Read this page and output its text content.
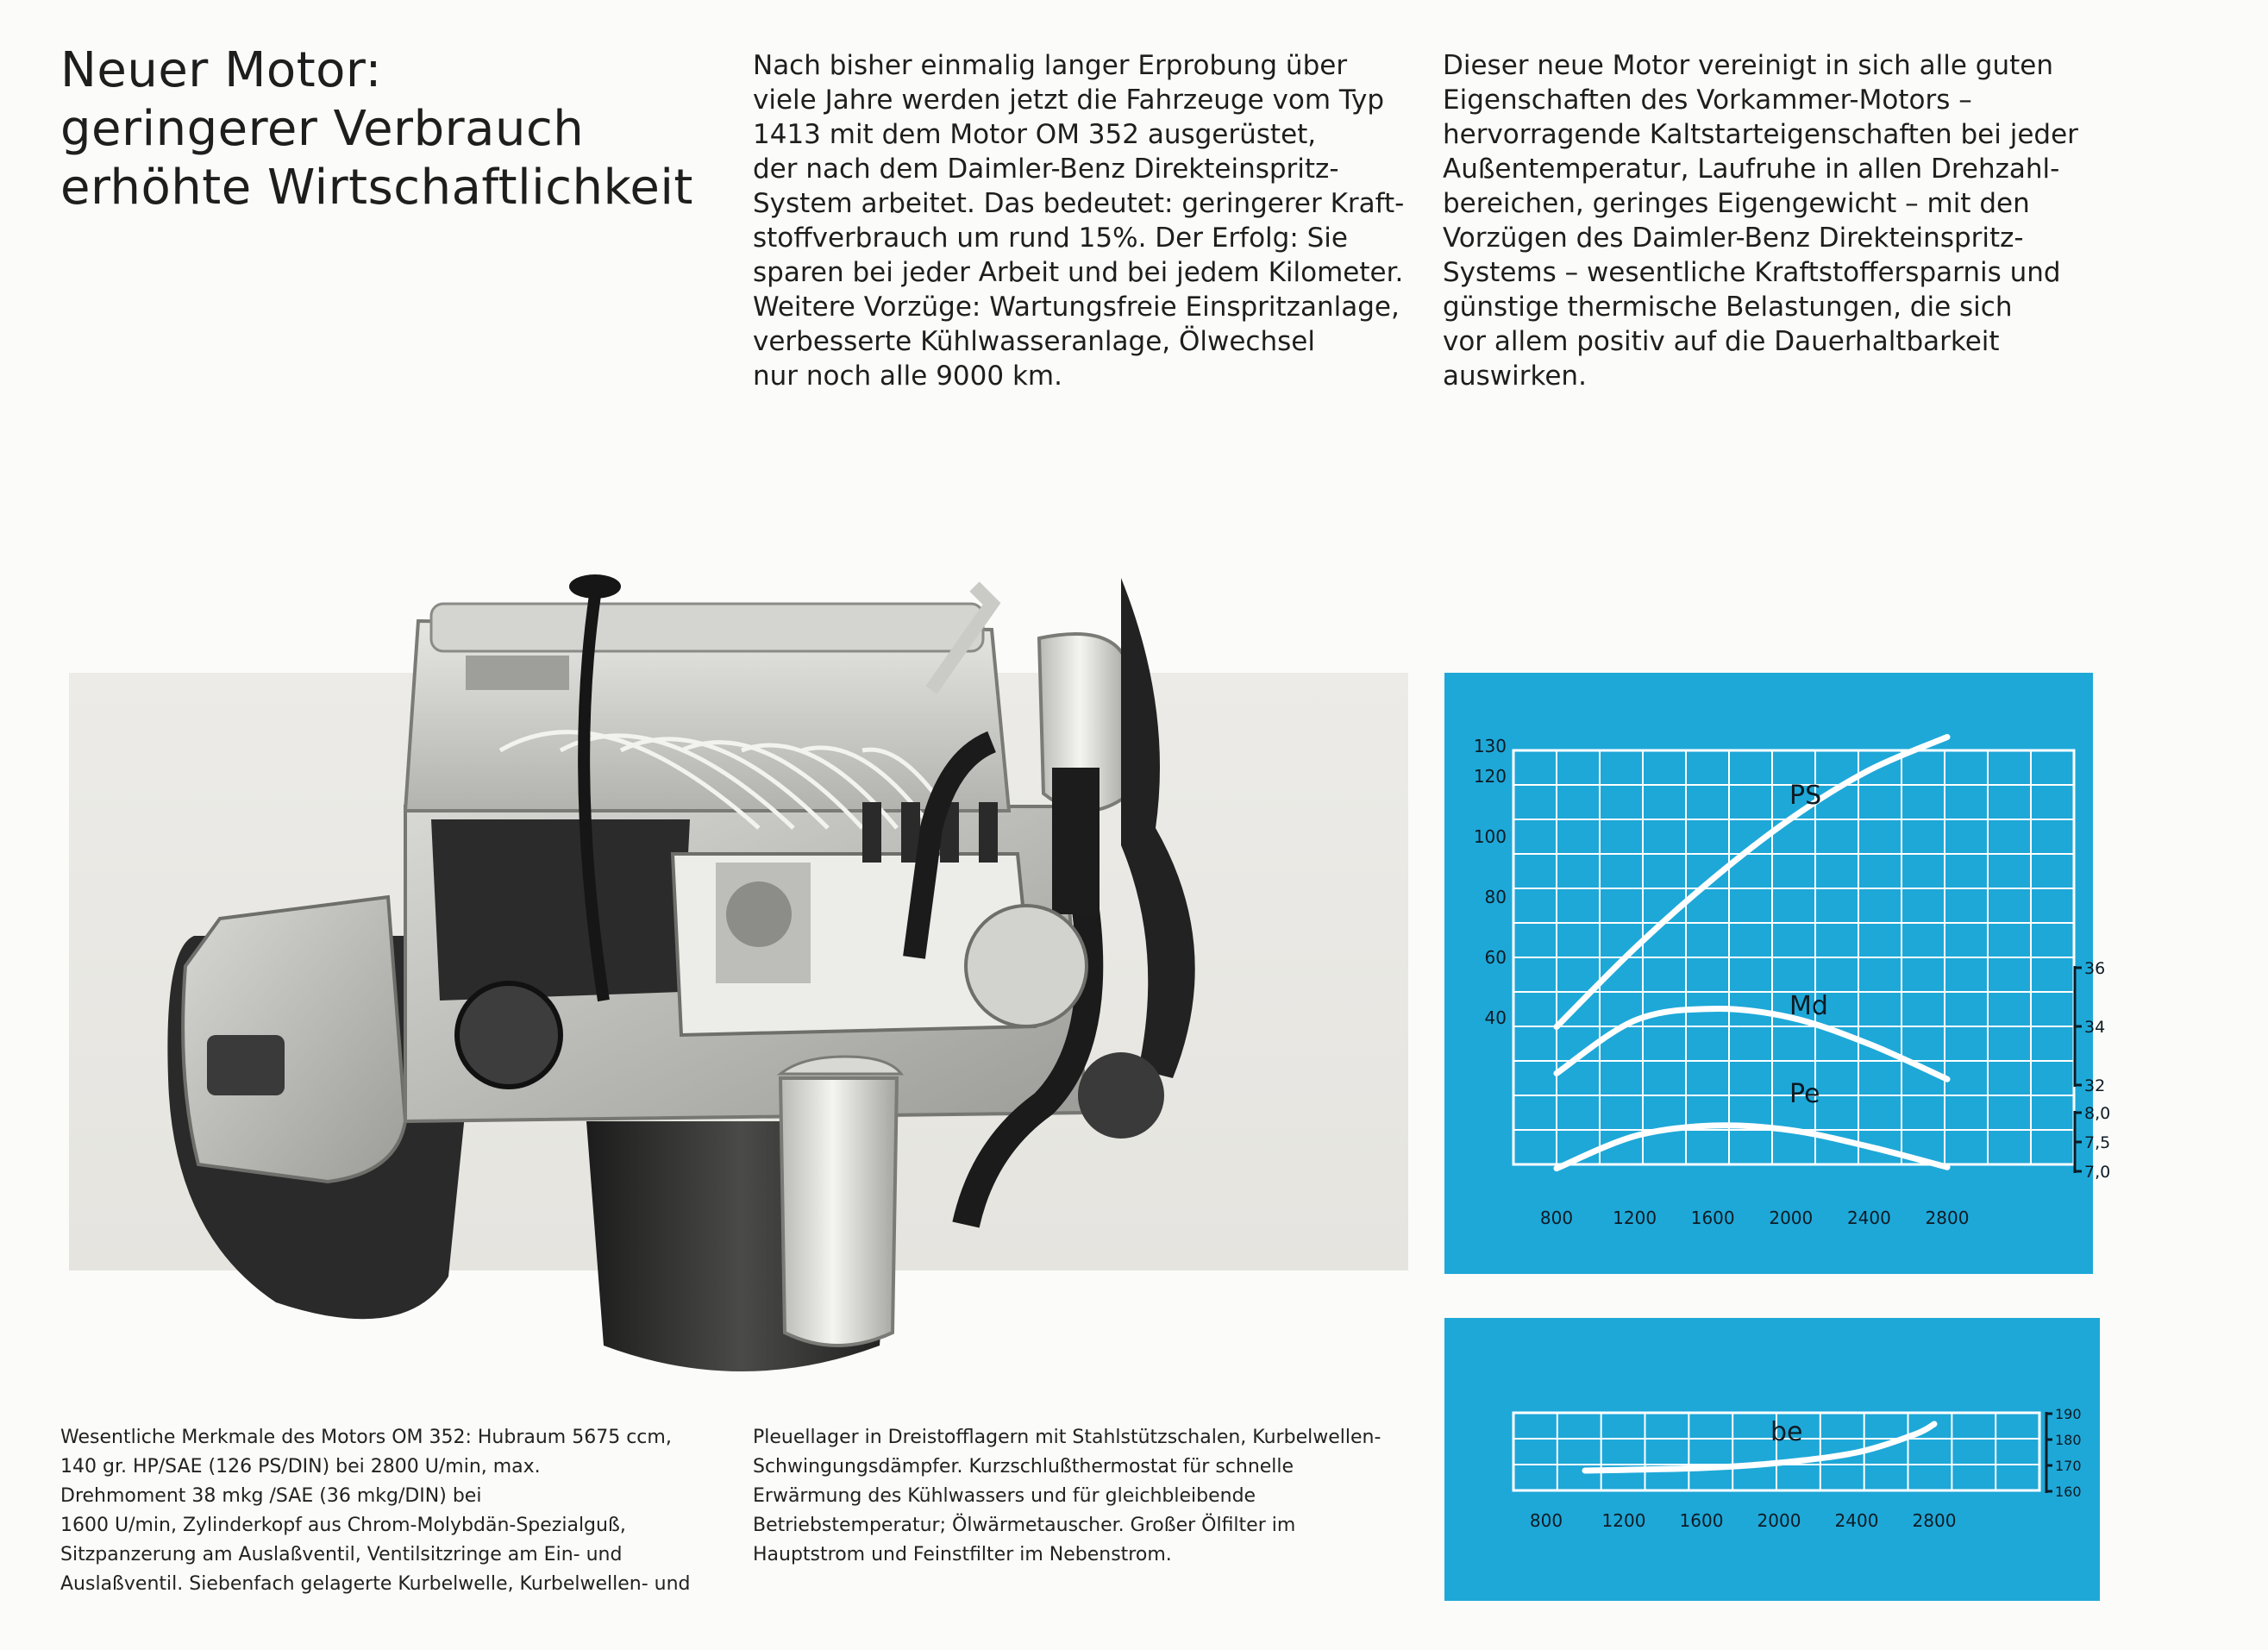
Neuer Motor:
geringerer Verbrauch
erhöhte Wirtschaftlichkeit

Nach bisher einmalig langer Erprobung über
viele Jahre werden jetzt die Fahrzeuge vom Typ
1413 mit dem Motor OM 352 ausgerüstet,
der nach dem Daimler-Benz Direkteinspritz-
System arbeitet. Das bedeutet: geringerer Kraft-
stoffverbrauch um rund 15%. Der Erfolg: Sie
sparen bei jeder Arbeit und bei jedem Kilometer.
Weitere Vorzüge: Wartungsfreie Einspritzanlage,
verbesserte Kühlwasseranlage, Ölwechsel
nur noch alle 9000 km.

Dieser neue Motor vereinigt in sich alle guten
Eigenschaften des Vorkammer-Motors –
hervorragende Kaltstarteigenschaften bei jeder
Außentemperatur, Laufruhe in allen Drehzahl-
bereichen, geringes Eigengewicht – mit den
Vorzügen des Daimler-Benz Direkteinspritz-
Systems – wesentliche Kraftstoffersparnis und
günstige thermische Belastungen, die sich
vor allem positiv auf die Dauerhaltbarkeit
auswirken.

130
120
100
80
60
40
800 1200 1600 2000 2400 2800
36
34
32
8,0
7,5
7,0
PS
Md
Pe
800 1200 1600 2000 2400 2800
190
180
170
160
be

Wesentliche Merkmale des Motors OM 352: Hubraum 5675 ccm,
140 gr. HP/SAE (126 PS/DIN) bei 2800 U/min, max.
Drehmoment 38 mkg /SAE (36 mkg/DIN) bei
1600 U/min, Zylinderkopf aus Chrom-Molybdän-Spezialguß,
Sitzpanzerung am Auslaßventil, Ventilsitzringe am Ein- und
Auslaßventil. Siebenfach gelagerte Kurbelwelle, Kurbelwellen- und

Pleuellager in Dreistofflagern mit Stahlstützschalen, Kurbelwellen-
Schwingungsdämpfer. Kurzschlußthermostat für schnelle
Erwärmung des Kühlwassers und für gleichbleibende
Betriebstemperatur; Ölwärmetauscher. Großer Ölfilter im
Hauptstrom und Feinstfilter im Nebenstrom.
